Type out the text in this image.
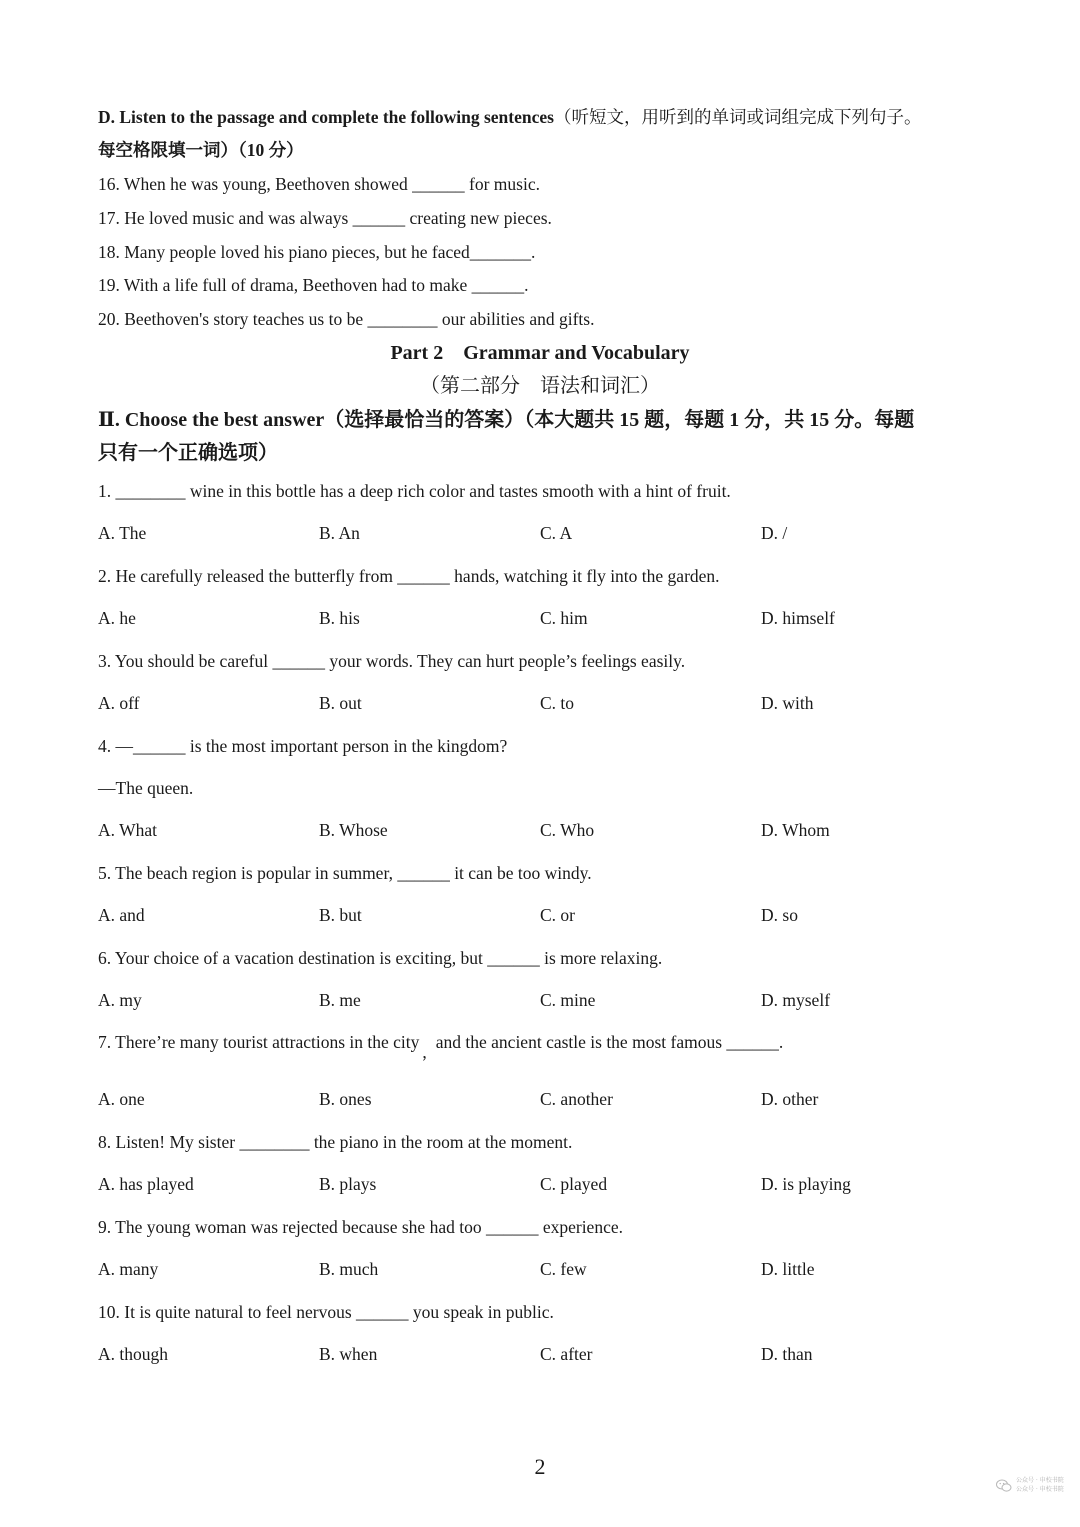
D. Listen to the passage and complete the following sentences（听短文，用听到的单词或词组完成下列句子。
每空格限填一词）（10 分）
16. When he was young, Beethoven showed ______ for music.
17. He loved music and was always ______ creating new pieces.
18. Many people loved his piano pieces, but he faced_______.
19. With a life full of drama, Beethoven had to make ______.
20. Beethoven's story teaches us to be ________ our abilities and gifts.
Part 2　Grammar and Vocabulary
（第二部分　语法和词汇）
Ⅱ. Choose the best answer（选择最恰当的答案）（本大题共 15 题，每题 1 分，共 15 分。每题
只有一个正确选项）
1. ________ wine in this bottle has a deep rich color and tastes smooth with a hint of fruit.
A. The	B. An	C. A	D. /
2. He carefully released the butterfly from ______ hands, watching it fly into the garden.
A. he	B. his	C. him	D. himself
3. You should be careful ______ your words. They can hurt people’s feelings easily.
A. off	B. out	C. to	D. with
4. —______ is the most important person in the kingdom?
—The queen.
A. What	B. Whose	C. Who	D. Whom
5. The beach region is popular in summer, ______ it can be too windy.
A. and	B. but	C. or	D. so
6. Your choice of a vacation destination is exciting, but ______ is more relaxing.
A. my	B. me	C. mine	D. myself
7. There’re many tourist attractions in the city , and the ancient castle is the most famous ______.
A. one	B. ones	C. another	D. other
8. Listen! My sister ________ the piano in the room at the moment.
A. has played	B. plays	C. played	D. is playing
9. The young woman was rejected because she had too ______ experience.
A. many	B. much	C. few	D. little
10. It is quite natural to feel nervous ______ you speak in public.
A. though	B. when	C. after	D. than
2
公众号 · 申校书院
公众号 · 申校书院
